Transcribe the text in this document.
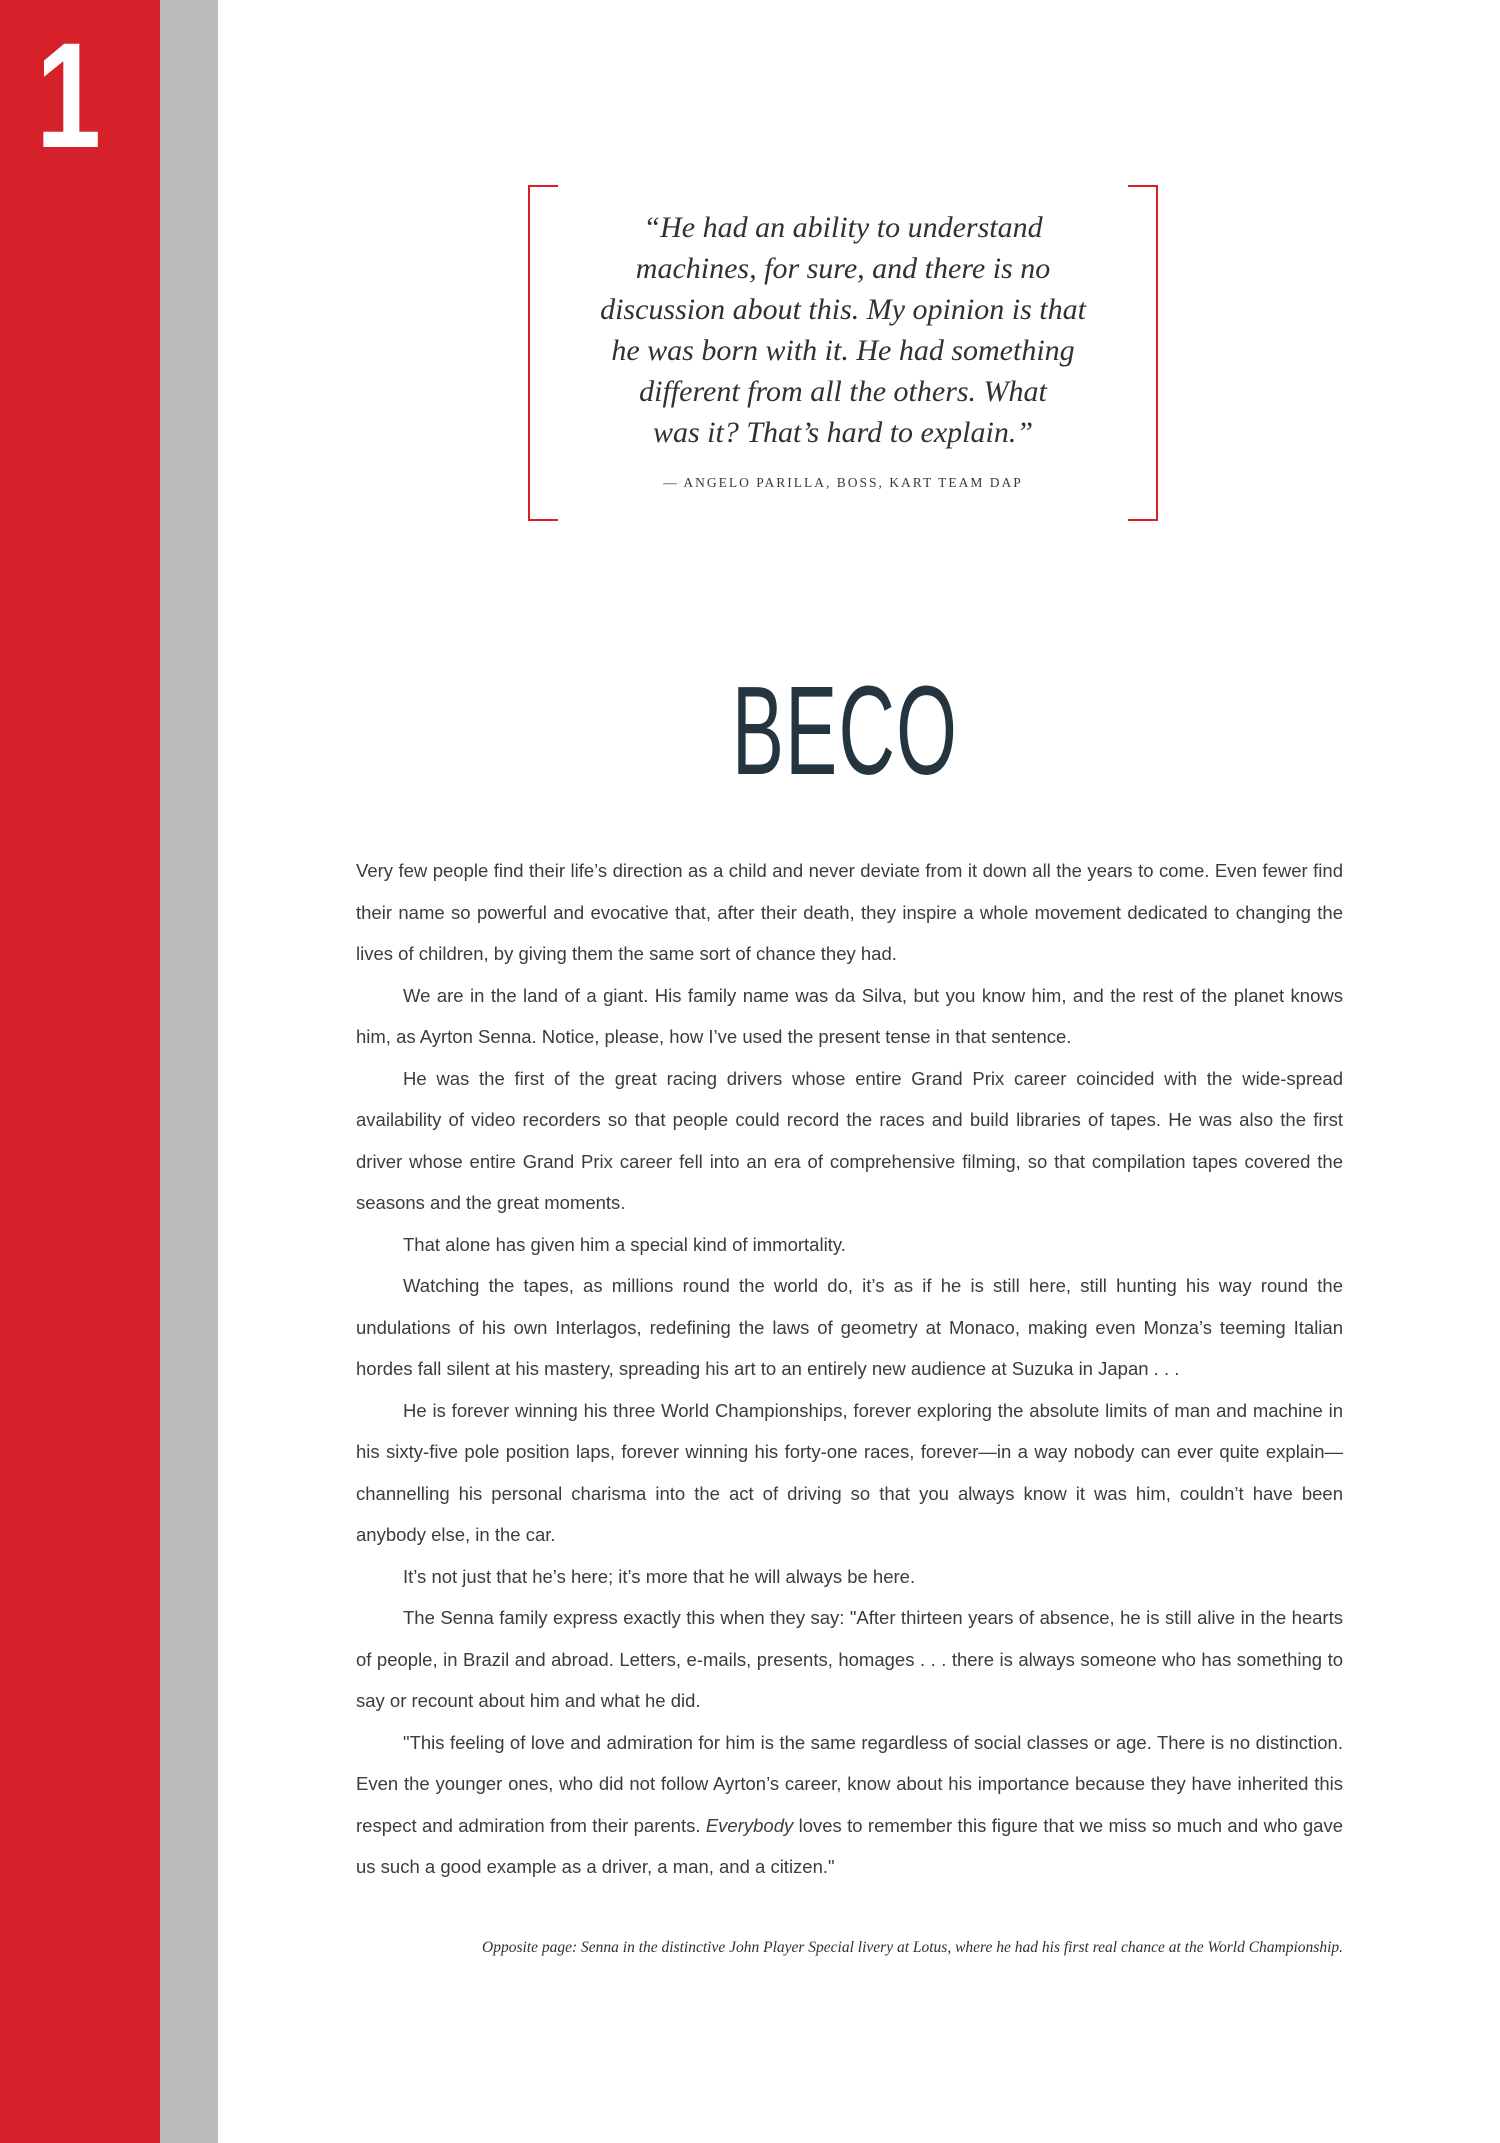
1
“He had an ability to understand
machines, for sure, and there is no
discussion about this. My opinion is that
he was born with it. He had something
different from all the others. What
was it? That’s hard to explain.”
— ANGELO PARILLA, BOSS, KART TEAM DAP
BECO

Very few people find their life’s direction as a child and never deviate from it down all the years to come. Even fewer find their name so powerful and evocative that, after their death, they inspire a whole movement dedicated to changing the lives of children, by giving them the same sort of chance they had.

We are in the land of a giant. His family name was da Silva, but you know him, and the rest of the planet knows him, as Ayrton Senna. Notice, please, how I’ve used the present tense in that sentence.

He was the first of the great racing drivers whose entire Grand Prix career coincided with the wide-spread availability of video recorders so that people could record the races and build libraries of tapes. He was also the first driver whose entire Grand Prix career fell into an era of comprehensive filming, so that compilation tapes covered the seasons and the great moments.

That alone has given him a special kind of immortality.

Watching the tapes, as millions round the world do, it’s as if he is still here, still hunting his way round the undulations of his own Interlagos, redefining the laws of geometry at Monaco, making even Monza’s teeming Italian hordes fall silent at his mastery, spreading his art to an entirely new audience at Suzuka in Japan . . .

He is forever winning his three World Championships, forever exploring the absolute limits of man and machine in his sixty-five pole position laps, forever winning his forty-one races, forever—in a way nobody can ever quite explain—channelling his personal charisma into the act of driving so that you always know it was him, couldn’t have been anybody else, in the car.

It’s not just that he’s here; it’s more that he will always be here.

The Senna family express exactly this when they say: "After thirteen years of absence, he is still alive in the hearts of people, in Brazil and abroad. Letters, e-mails, presents, homages . . . there is always someone who has something to say or recount about him and what he did.

"This feeling of love and admiration for him is the same regardless of social classes or age. There is no distinction. Even the younger ones, who did not follow Ayrton’s career, know about his importance because they have inherited this respect and admiration from their parents. Everybody loves to remember this figure that we miss so much and who gave us such a good example as a driver, a man, and a citizen."

Opposite page: Senna in the distinctive John Player Special livery at Lotus, where he had his first real chance at the World Championship.
